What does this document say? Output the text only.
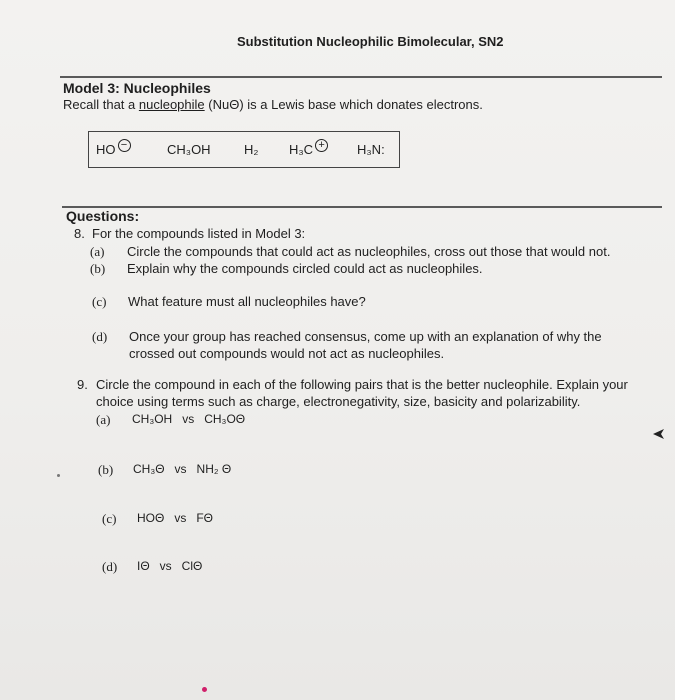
Substitution Nucleophilic Bimolecular, SN2
Model 3: Nucleophiles
Recall that a nucleophile (NuΘ) is a Lewis base which donates electrons.
HO −	CH₃OH	H₂ H₃C + H₃N:
Questions:
8. For the compounds listed in Model 3:
(a) Circle the compounds that could act as nucleophiles, cross out those that would not.
(b) Explain why the compounds circled could act as nucleophiles.
(c) What feature must all nucleophiles have?
(d) Once your group has reached consensus, come up with an explanation of why the
crossed out compounds would not act as nucleophiles.
9. Circle the compound in each of the following pairs that is the better nucleophile. Explain your
choice using terms such as charge, electronegativity, size, basicity and polarizability.
(a) CH₃OH   vs   CH₃OΘ
(b) CH₃Θ   vs   NH₂ Θ
(c) HOΘ   vs   FΘ
(d) IΘ   vs   ClΘ
